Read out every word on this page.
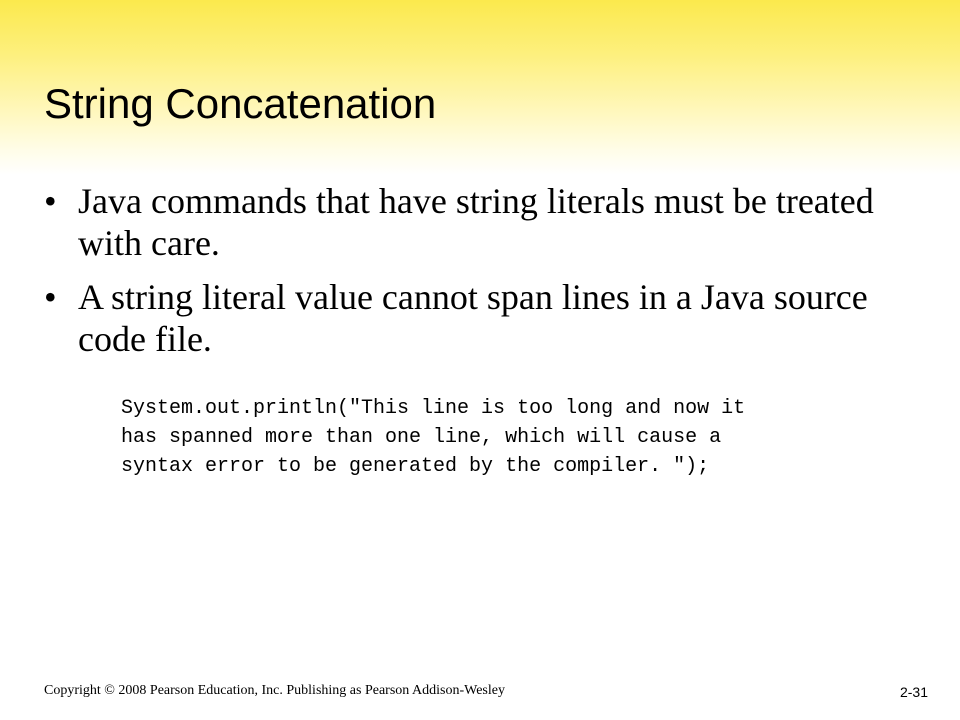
String Concatenation
• Java commands that have string literals must be treated with care.
• A string literal value cannot span lines in a Java source code file.
System.out.println("This line is too long and now it
has spanned more than one line, which will cause a
syntax error to be generated by the compiler. ");
Copyright © 2008 Pearson Education, Inc. Publishing as Pearson Addison-Wesley	2-31
